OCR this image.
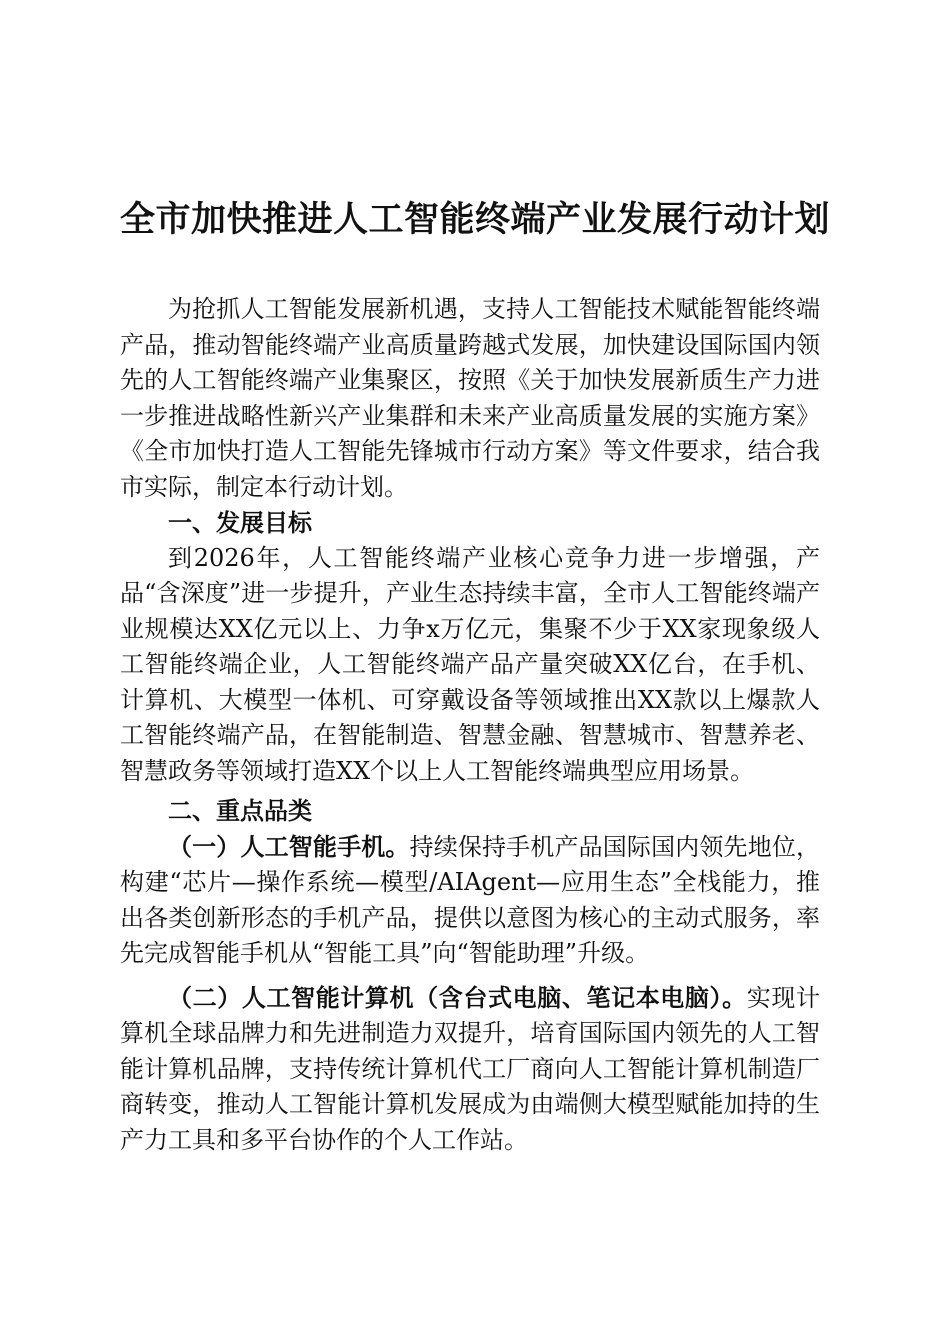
全市加快推进人工智能终端产业发展行动计划

为抢抓人工智能发展新机遇，支持人工智能技术赋能智能终端产品，推动智能终端产业高质量跨越式发展，加快建设国际国内领先的人工智能终端产业集聚区，按照《关于加快发展新质生产力进一步推进战略性新兴产业集群和未来产业高质量发展的实施方案》《全市加快打造人工智能先锋城市行动方案》等文件要求，结合我市实际，制定本行动计划。

一、发展目标

到2026年，人工智能终端产业核心竞争力进一步增强，产品“含深度”进一步提升，产业生态持续丰富，全市人工智能终端产业规模达XX亿元以上、力争x万亿元，集聚不少于XX家现象级人工智能终端企业，人工智能终端产品产量突破XX亿台，在手机、计算机、大模型一体机、可穿戴设备等领域推出XX款以上爆款人工智能终端产品，在智能制造、智慧金融、智慧城市、智慧养老、智慧政务等领域打造XX个以上人工智能终端典型应用场景。

二、重点品类

（一）人工智能手机。持续保持手机产品国际国内领先地位，构建“芯片—操作系统—模型/AIAgent—应用生态”全栈能力，推出各类创新形态的手机产品，提供以意图为核心的主动式服务，率先完成智能手机从“智能工具”向“智能助理”升级。

（二）人工智能计算机（含台式电脑、笔记本电脑）。实现计算机全球品牌力和先进制造力双提升，培育国际国内领先的人工智能计算机品牌，支持传统计算机代工厂商向人工智能计算机制造厂商转变，推动人工智能计算机发展成为由端侧大模型赋能加持的生产力工具和多平台协作的个人工作站。
